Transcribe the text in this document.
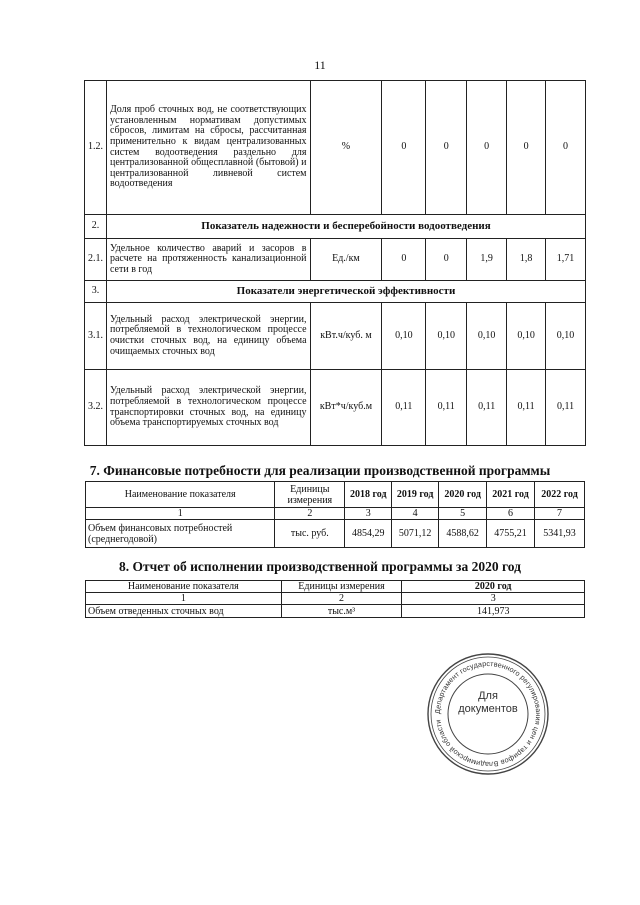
11
1.2.	Доля проб сточных вод, не соответствующих установленным нормативам допустимых сбросов, лимитам на сбросы, рассчитанная применительно к видам централизованных систем водоотведения раздельно для централизованной общесплавной (бытовой) и централизованной ливневой систем водоотведения	%	0	0	0	0	0
2.	Показатель надежности и бесперебойности водоотведения						
2.1.	Удельное количество аварий и засоров в расчете на протяженность канализационной сети в год	Ед./км	0	0	1,9	1,8	1,71
3.	Показатели энергетической эффективности						
3.1.	Удельный расход электрической энергии, потребляемой в технологическом процессе очистки сточных вод, на единицу объема очищаемых сточных вод	кВт.ч/куб. м	0,10	0,10	0,10	0,10	0,10
3.2.	Удельный расход электрической энергии, потребляемой в технологическом процессе транспортировки сточных вод, на единицу объема транспортируемых сточных вод	кВт*ч/куб.м	0,11	0,11	0,11	0,11	0,11
7. Финансовые потребности для реализации производственной программы
Наименование показателя	Единицы измерения	2018 год	2019 год	2020 год	2021 год	2022 год
1	2	3	4	5	6	7
Объем финансовых потребностей (среднегодовой)	тыс. руб.	4854,29	5071,12	4588,62	4755,21	5341,93
8. Отчет об исполнении производственной программы за 2020 год
Наименование показателя	Единицы измерения	2020 год
1	2	3
Объем отведенных сточных вод	тыс.м³	141,973
Департамент государственного регулирования цен и тарифов Владимирской области
Для документов
